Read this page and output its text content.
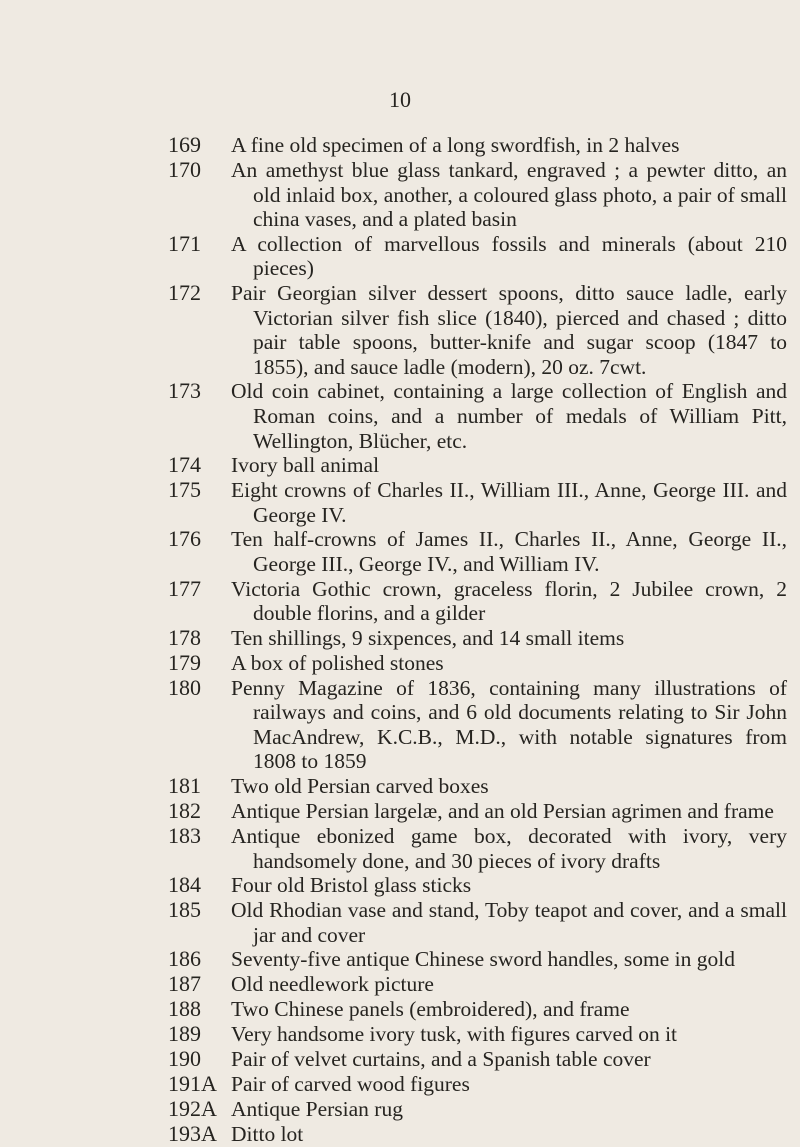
10
169	A fine old specimen of a long swordfish, in 2 halves
170	An amethyst blue glass tankard, engraved ; a pewter ditto, an old inlaid box, another, a coloured glass photo, a pair of small china vases, and a plated basin
171	A collection of marvellous fossils and minerals (about 210 pieces)
172	Pair Georgian silver dessert spoons, ditto sauce ladle, early Victorian silver fish slice (1840), pierced and chased ; ditto pair table spoons, butter-knife and sugar scoop (1847 to 1855), and sauce ladle (modern), 20 oz. 7cwt.
173	Old coin cabinet, containing a large collection of English and Roman coins, and a number of medals of William Pitt, Wellington, Blücher, etc.
174	Ivory ball animal
175	Eight crowns of Charles II., William III., Anne, George III. and George IV.
176	Ten half-crowns of James II., Charles II., Anne, George II., George III., George IV., and William IV.
177	Victoria Gothic crown, graceless florin, 2 Jubilee crown, 2 double florins, and a gilder
178	Ten shillings, 9 sixpences, and 14 small items
179	A box of polished stones
180	Penny Magazine of 1836, containing many illustrations of railways and coins, and 6 old documents relating to Sir John MacAndrew, K.C.B., M.D., with notable signatures from 1808 to 1859
181	Two old Persian carved boxes
182	Antique Persian largelæ, and an old Persian agrimen and frame
183	Antique ebonized game box, decorated with ivory, very handsomely done, and 30 pieces of ivory drafts
184	Four old Bristol glass sticks
185	Old Rhodian vase and stand, Toby teapot and cover, and a small jar and cover
186	Seventy-five antique Chinese sword handles, some in gold
187	Old needlework picture
188	Two Chinese panels (embroidered), and frame
189	Very handsome ivory tusk, with figures carved on it
190	Pair of velvet curtains, and a Spanish table cover
191A Pair of carved wood figures
192A Antique Persian rug
193A Ditto lot
